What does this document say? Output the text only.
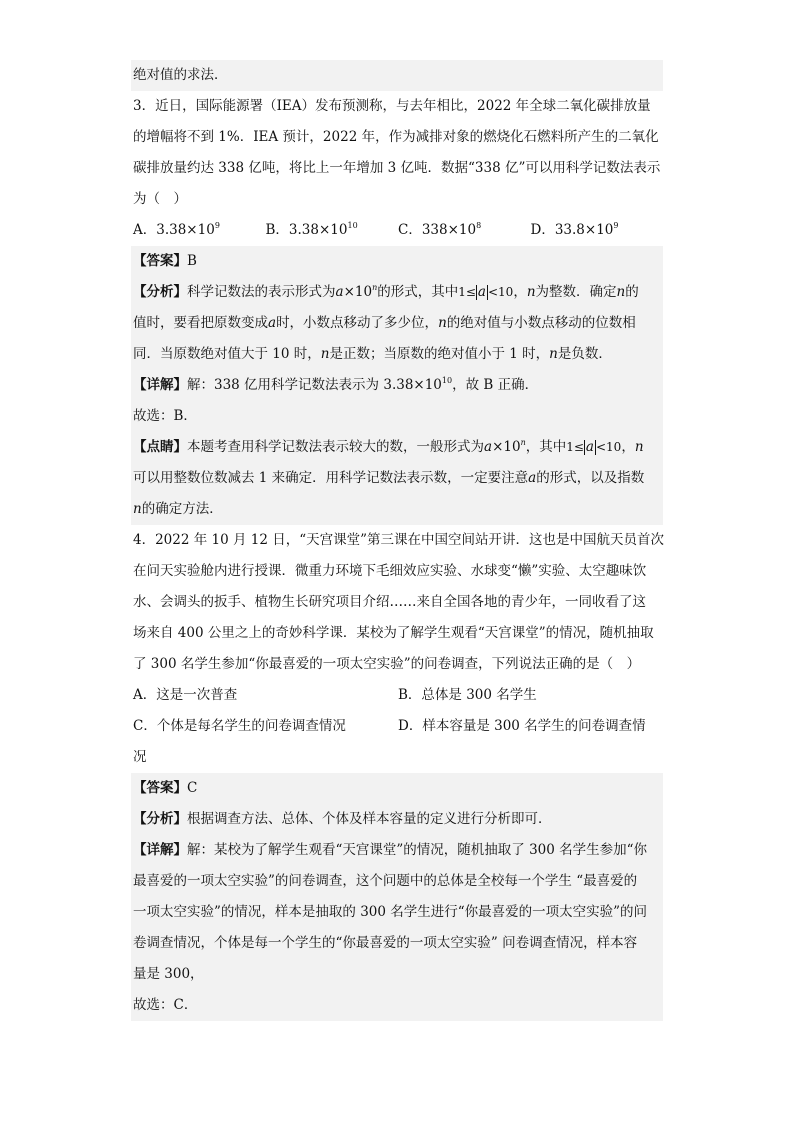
绝对值的求法．
3．近日，国际能源署（IEA）发布预测称，与去年相比，2022 年全球二氧化碳排放量
的增幅将不到 1%．IEA 预计，2022 年，作为减排对象的燃烧化石燃料所产生的二氧化
碳排放量约达 338 亿吨，将比上一年增加 3 亿吨．数据“338 亿”可以用科学记数法表示
为（　）
A．$3.38\times 10^9$	B．$3.38\times 10^{10}$	C．$338\times 10^8$	D．$33.8\times 10^9$
【答案】B
【分析】科学记数法的表示形式为$a\times 10^n$的形式，其中1≤ a <10，n为整数．确定n的
值时，要看把原数变成a时，小数点移动了多少位，n的绝对值与小数点移动的位数相
同．当原数绝对值大于 10 时，n是正数；当原数的绝对值小于 1 时，n是负数．
【详解】解：338 亿用科学记数法表示为 $3.38\times 10^{10}$，故 B 正确．
故选：B．
【点睛】本题考查用科学记数法表示较大的数，一般形式为$a\times 10^n$，其中1≤ a <10，n
可以用整数位数减去 1 来确定．用科学记数法表示数，一定要注意a的形式，以及指数
n的确定方法．
4．2022 年 10 月 12 日，“天宫课堂”第三课在中国空间站开讲．这也是中国航天员首次
在问天实验舱内进行授课．微重力环境下毛细效应实验、水球变“懒”实验、太空趣味饮
水、会调头的扳手、植物生长研究项目介绍……来自全国各地的青少年，一同收看了这
场来自 400 公里之上的奇妙科学课．某校为了解学生观看“天宫课堂”的情况，随机抽取
了 300 名学生参加“你最喜爱的一项太空实验”的问卷调查，下列说法正确的是（　）
A．这是一次普查	B．总体是 300 名学生
C．个体是每名学生的问卷调查情况	D．样本容量是 300 名学生的问卷调查情
况
【答案】C
【分析】根据调查方法、总体、个体及样本容量的定义进行分析即可．
【详解】解：某校为了解学生观看“天宫课堂”的情况，随机抽取了 300 名学生参加“你
最喜爱的一项太空实验”的问卷调查，这个问题中的总体是全校每一个学生 “最喜爱的
一项太空实验”的情况，样本是抽取的 300 名学生进行“你最喜爱的一项太空实验”的问
卷调查情况，个体是每一个学生的“你最喜爱的一项太空实验” 问卷调查情况，样本容
量是 300，
故选：C．
